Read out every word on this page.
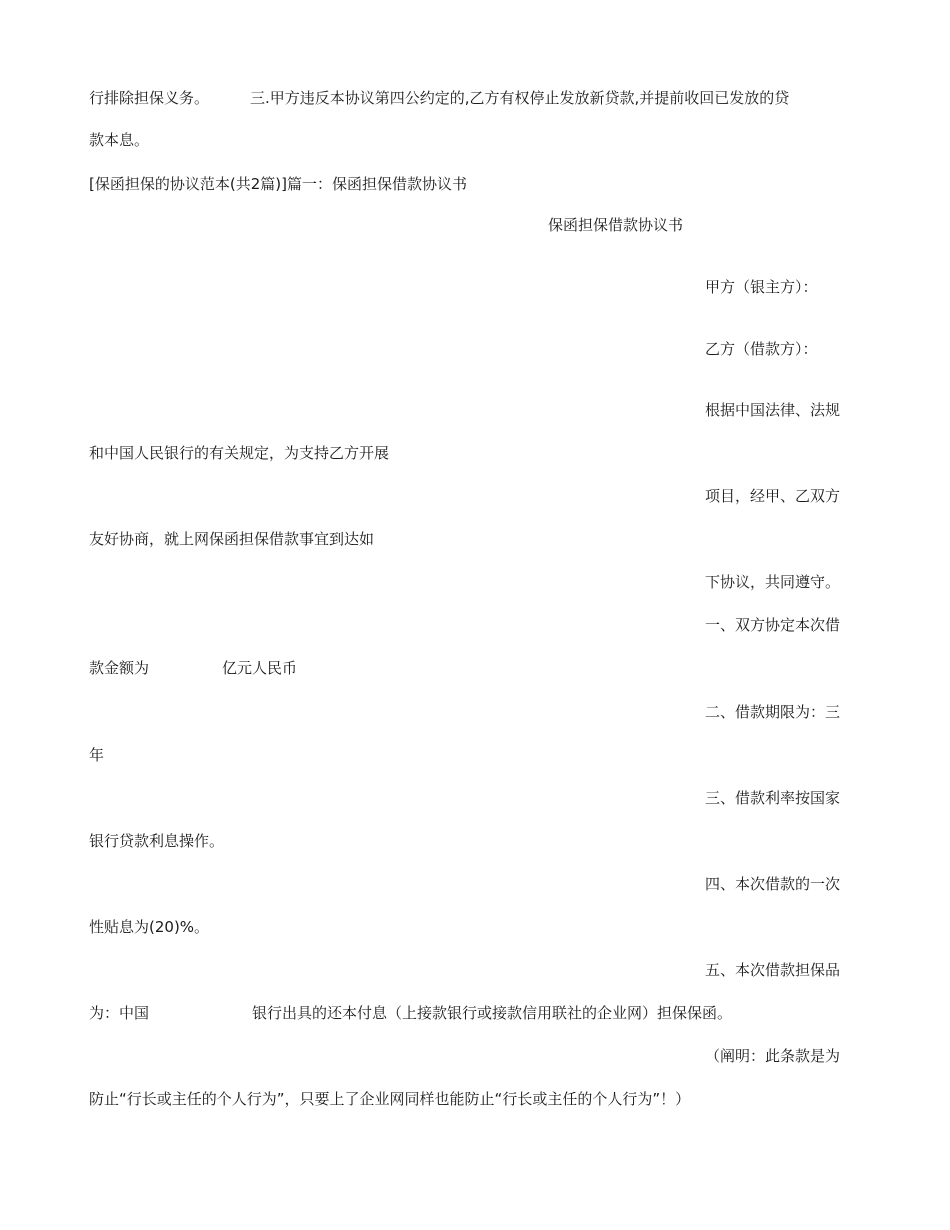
行排除担保义务。	三.甲方违反本协议第四公约定的,乙方有权停止发放新贷款,并提前收回已发放的贷
款本息。
[保函担保的协议范本(共2篇)]篇一：保函担保借款协议书
保函担保借款协议书
甲方（银主方）：
乙方（借款方）：
根据中国法律、法规
和中国人民银行的有关规定，为支持乙方开展
项目，经甲、乙双方
友好协商，就上网保函担保借款事宜到达如
下协议，共同遵守。
一、双方协定本次借
款金额为	亿元人民币
二、借款期限为：三
年
三、借款利率按国家
银行贷款利息操作。
四、本次借款的一次
性贴息为(20)%。
五、本次借款担保品
为：中国	银行出具的还本付息（上接款银行或接款信用联社的企业网）担保保函。
（阐明：此条款是为
防止“行长或主任的个人行为”，只要上了企业网同样也能防止“行长或主任的个人行为”！）
